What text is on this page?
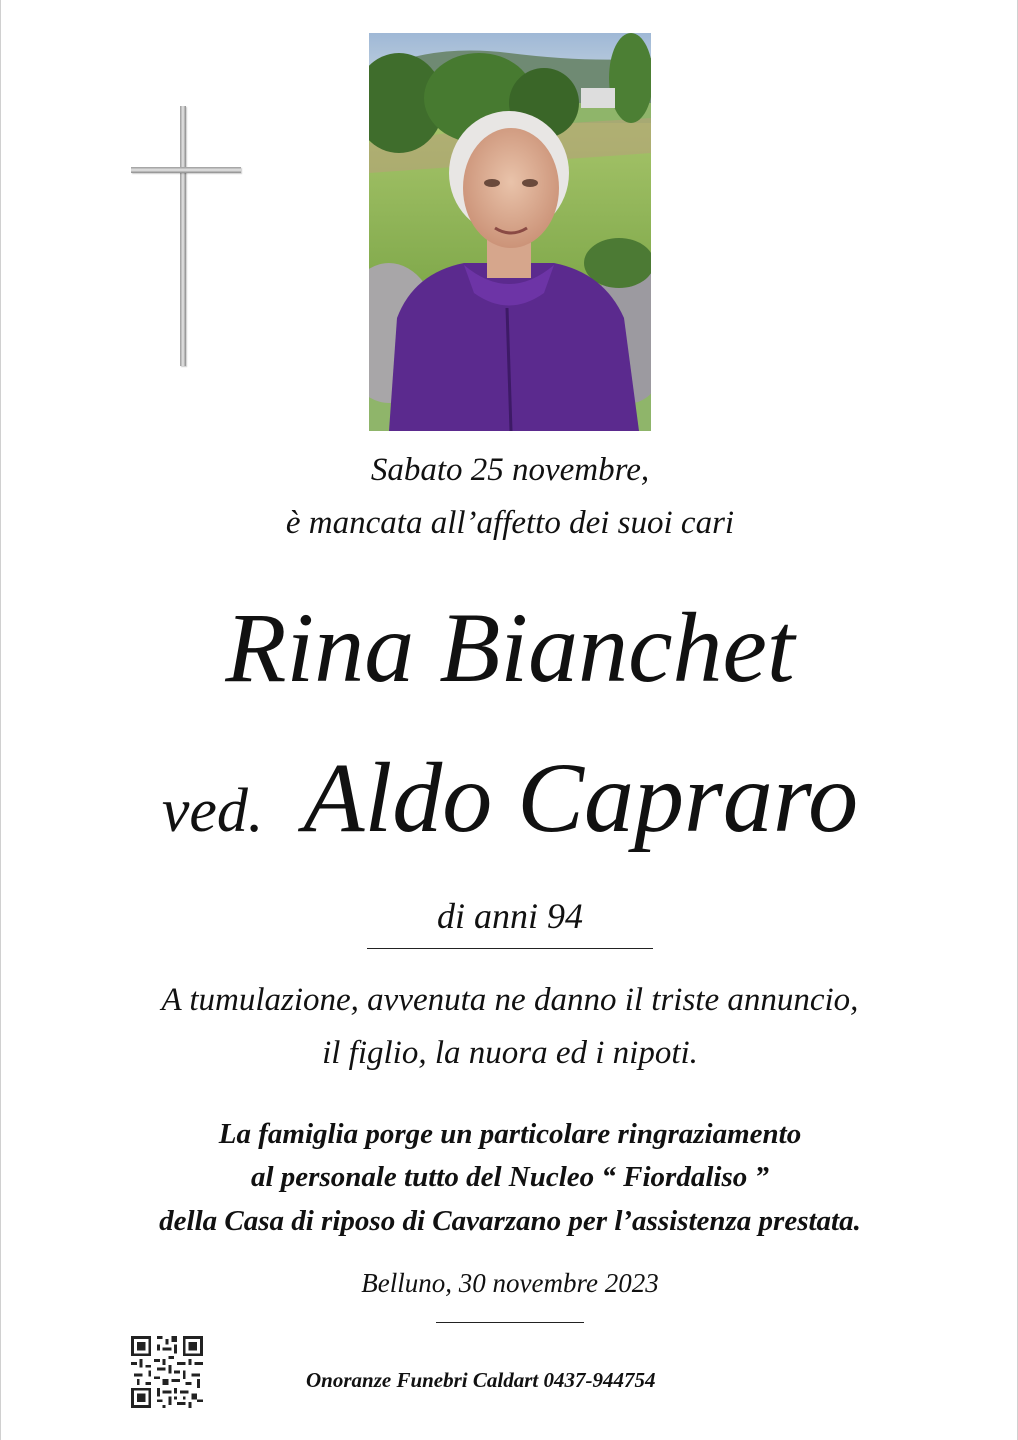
Sabato 25 novembre,
è mancata all’affetto dei suoi cari
Rina Bianchet
ved. Aldo Capraro
di anni 94
A tumulazione, avvenuta ne danno il triste annuncio,
il figlio, la nuora ed i nipoti.
La famiglia porge un particolare ringraziamento
al personale tutto del Nucleo “ Fiordaliso ”
della Casa di riposo di Cavarzano per l’assistenza prestata.
Belluno, 30 novembre 2023
Onoranze Funebri Caldart 0437-944754
